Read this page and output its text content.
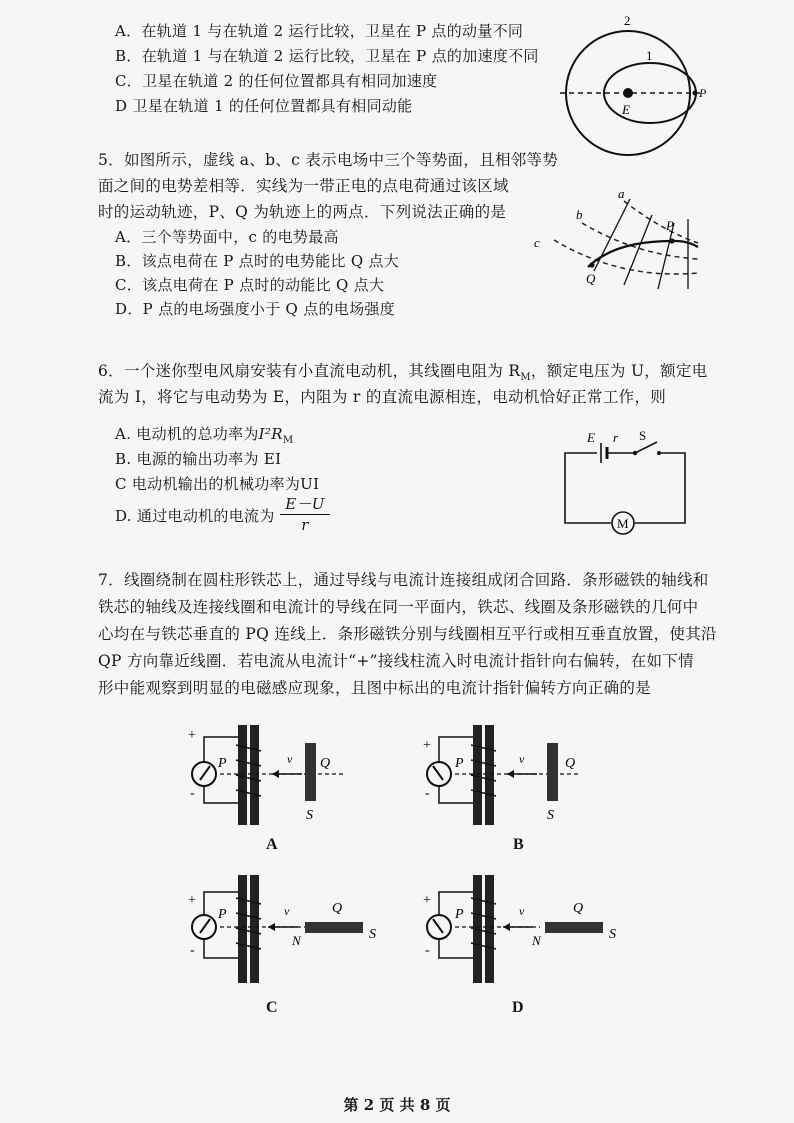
A．在轨道 1 与在轨道 2 运行比较，卫星在 P 点的动量不同
B．在轨道 1 与在轨道 2 运行比较，卫星在 P 点的加速度不同
C．卫星在轨道 2 的任何位置都具有相同加速度
D 卫星在轨道 1 的任何位置都具有相同动能
2
1
E
P
5．如图所示，虚线 a、b、c 表示电场中三个等势面，且相邻等势
面之间的电势差相等．实线为一带正电的点电荷通过该区域
时的运动轨迹，P、Q 为轨迹上的两点．下列说法正确的是
A．三个等势面中，c 的电势最高
B．该点电荷在 P 点时的电势能比 Q 点大
C．该点电荷在 P 点时的动能比 Q 点大
D．P 点的电场强度小于 Q 点的电场强度
a
b
c
P
Q
6．一个迷你型电风扇安装有小直流电动机，其线圈电阻为 $R_M$，额定电压为 U，额定电
流为 I，将它与电动势为 E，内阻为 r 的直流电源相连，电动机恰好正常工作，则
A. 电动机的总功率为$I^2R_M$
B. 电源的输出功率为 EI
C 电动机输出的机械功率为UI
D. 通过电动机的电流为 $\frac{E-U}{r}$	M
E r S
7．线圈绕制在圆柱形铁芯上，通过导线与电流计连接组成闭合回路．条形磁铁的轴线和
铁芯的轴线及连接线圈和电流计的导线在同一平面内，铁芯、线圈及条形磁铁的几何中
心均在与铁芯垂直的 PQ 连线上．条形磁铁分别与线圈相互平行或相互垂直放置，使其沿
QP 方向靠近线圈．若电流从电流计“+”接线柱流入时电流计指针向右偏转，在如下情
形中能观察到明显的电磁感应现象，且图中标出的电流计指针偏转方向正确的是
+
-
P	Q
v
S
A
+
-
P	Q
v
S
B
+
-
P	Q
v
N	S
C
+
-
P	Q
v
N	S
D
第 2 页 共 8 页
